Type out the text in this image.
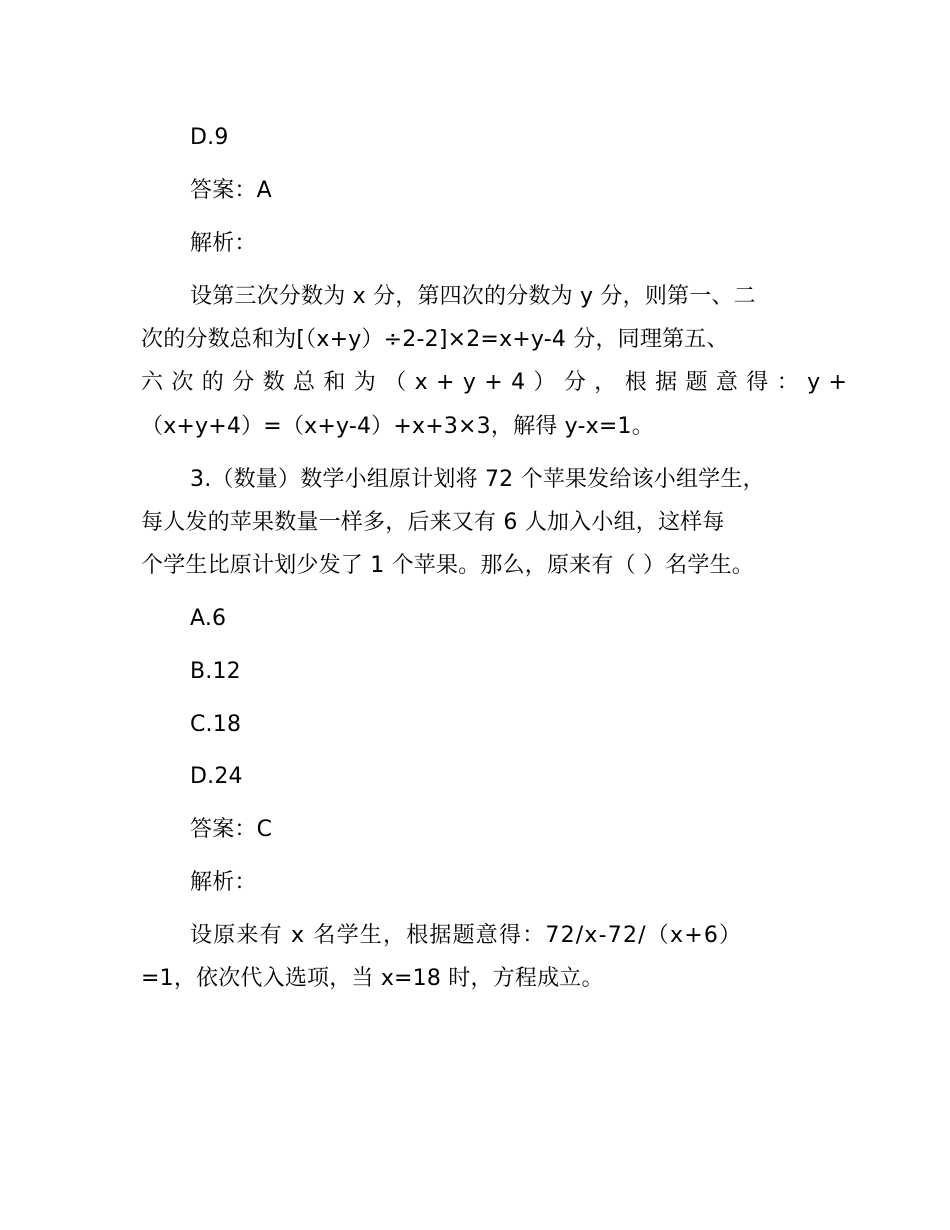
D.9
答案：A
解析：
设第三次分数为 x 分，第四次的分数为 y 分，则第一、二
次的分数总和为[（x+y）÷2-2]×2=x+y-4 分，同理第五、
六次的分数总和为（x+y+4）分，根据题意得：y+
（x+y+4）=（x+y-4）+x+3×3，解得 y-x=1。
3.（数量）数学小组原计划将 72 个苹果发给该小组学生，
每人发的苹果数量一样多，后来又有 6 人加入小组，这样每
个学生比原计划少发了 1 个苹果。那么，原来有（ ）名学生。
A.6
B.12
C.18
D.24
答案：C
解析：
设原来有 x 名学生，根据题意得：72/x-72/（x+6）
=1，依次代入选项，当 x=18 时，方程成立。
